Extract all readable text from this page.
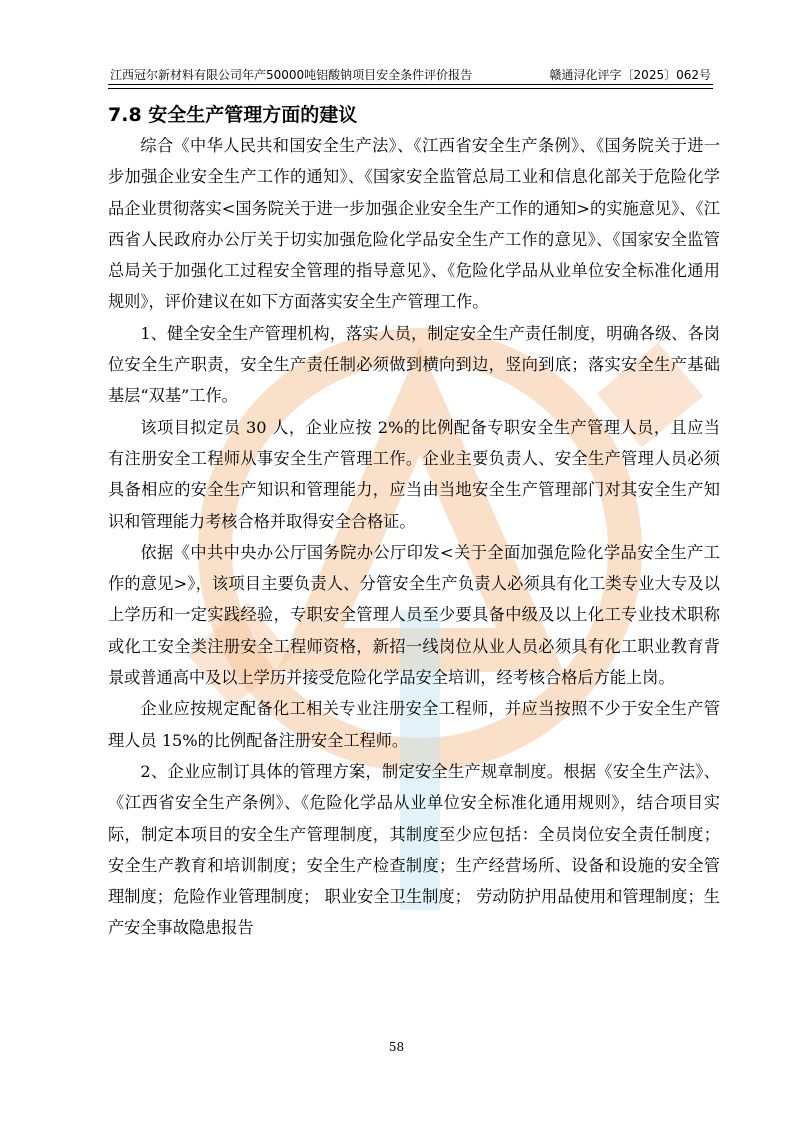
江西冠尔新材料有限公司年产50000吨铝酸钠项目安全条件评价报告	赣通浔化评字〔2025〕062号
7.8 安全生产管理方面的建议

综合《中华人民共和国安全生产法》、《江西省安全生产条例》、《国务院关于进一步加强企业安全生产工作的通知》、《国家安全监管总局工业和信息化部关于危险化学品企业贯彻落实<国务院关于进一步加强企业安全生产工作的通知>的实施意见》、《江西省人民政府办公厅关于切实加强危险化学品安全生产工作的意见》、《国家安全监管总局关于加强化工过程安全管理的指导意见》、《危险化学品从业单位安全标准化通用规则》，评价建议在如下方面落实安全生产管理工作。

1、健全安全生产管理机构，落实人员，制定安全生产责任制度，明确各级、各岗位安全生产职责，安全生产责任制必须做到横向到边，竖向到底；落实安全生产基础基层“双基”工作。

该项目拟定员 30 人，企业应按 2%的比例配备专职安全生产管理人员，且应当有注册安全工程师从事安全生产管理工作。企业主要负责人、安全生产管理人员必须具备相应的安全生产知识和管理能力，应当由当地安全生产管理部门对其安全生产知识和管理能力考核合格并取得安全合格证。

依据《中共中央办公厅国务院办公厅印发<关于全面加强危险化学品安全生产工作的意见>》，该项目主要负责人、分管安全生产负责人必须具有化工类专业大专及以上学历和一定实践经验，专职安全管理人员至少要具备中级及以上化工专业技术职称或化工安全类注册安全工程师资格，新招一线岗位从业人员必须具有化工职业教育背景或普通高中及以上学历并接受危险化学品安全培训，经考核合格后方能上岗。

企业应按规定配备化工相关专业注册安全工程师，并应当按照不少于安全生产管理人员 15%的比例配备注册安全工程师。

2、企业应制订具体的管理方案，制定安全生产规章制度。根据《安全生产法》、《江西省安全生产条例》、《危险化学品从业单位安全标准化通用规则》，结合项目实际，制定本项目的安全生产管理制度，其制度至少应包括：全员岗位安全责任制度；安全生产教育和培训制度；安全生产检查制度；生产经营场所、设备和设施的安全管理制度；危险作业管理制度； 职业安全卫生制度； 劳动防护用品使用和管理制度；生产安全事故隐患报告

58
